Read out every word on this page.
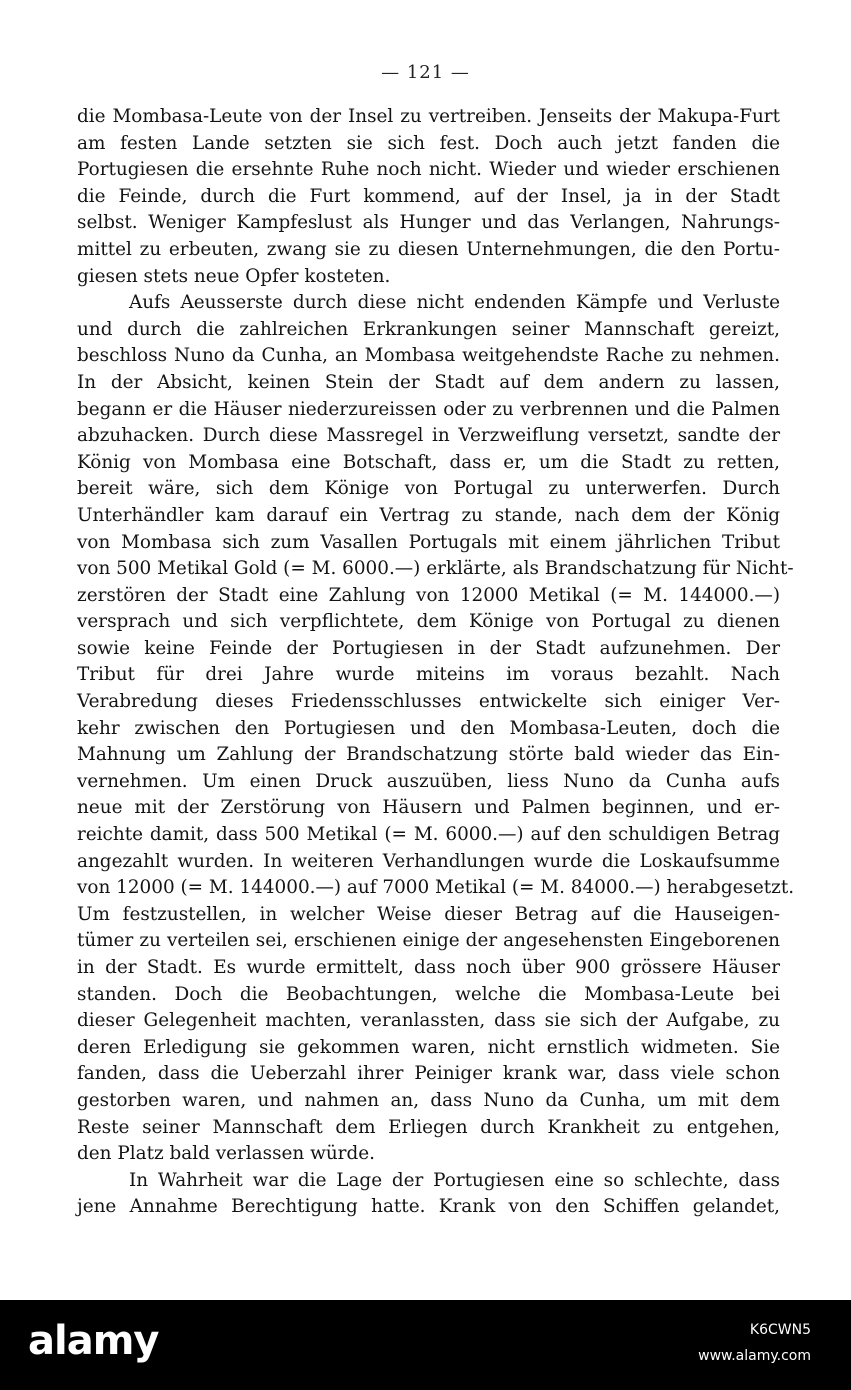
— 121 —
die Mombasa-Leute von der Insel zu vertreiben. Jenseits der Makupa-Furt
am festen Lande setzten sie sich fest. Doch auch jetzt fanden die
Portugiesen die ersehnte Ruhe noch nicht. Wieder und wieder erschienen
die Feinde, durch die Furt kommend, auf der Insel, ja in der Stadt
selbst. Weniger Kampfeslust als Hunger und das Verlangen, Nahrungs-
mittel zu erbeuten, zwang sie zu diesen Unternehmungen, die den Portu-
giesen stets neue Opfer kosteten.
Aufs Aeusserste durch diese nicht endenden Kämpfe und Verluste
und durch die zahlreichen Erkrankungen seiner Mannschaft gereizt,
beschloss Nuno da Cunha, an Mombasa weitgehendste Rache zu nehmen.
In der Absicht, keinen Stein der Stadt auf dem andern zu lassen,
begann er die Häuser niederzureissen oder zu verbrennen und die Palmen
abzuhacken. Durch diese Massregel in Verzweiflung versetzt, sandte der
König von Mombasa eine Botschaft, dass er, um die Stadt zu retten,
bereit wäre, sich dem Könige von Portugal zu unterwerfen. Durch
Unterhändler kam darauf ein Vertrag zu stande, nach dem der König
von Mombasa sich zum Vasallen Portugals mit einem jährlichen Tribut
von 500 Metikal Gold (= M. 6000.—) erklärte, als Brandschatzung für Nicht-
zerstören der Stadt eine Zahlung von 12000 Metikal (= M. 144000.—)
versprach und sich verpflichtete, dem Könige von Portugal zu dienen
sowie keine Feinde der Portugiesen in der Stadt aufzunehmen. Der
Tribut für drei Jahre wurde miteins im voraus bezahlt. Nach
Verabredung dieses Friedensschlusses entwickelte sich einiger Ver-
kehr zwischen den Portugiesen und den Mombasa-Leuten, doch die
Mahnung um Zahlung der Brandschatzung störte bald wieder das Ein-
vernehmen. Um einen Druck auszuüben, liess Nuno da Cunha aufs
neue mit der Zerstörung von Häusern und Palmen beginnen, und er-
reichte damit, dass 500 Metikal (= M. 6000.—) auf den schuldigen Betrag
angezahlt wurden. In weiteren Verhandlungen wurde die Loskaufsumme
von 12000 (= M. 144000.—) auf 7000 Metikal (= M. 84000.—) herabgesetzt.
Um festzustellen, in welcher Weise dieser Betrag auf die Hauseigen-
tümer zu verteilen sei, erschienen einige der angesehensten Eingeborenen
in der Stadt. Es wurde ermittelt, dass noch über 900 grössere Häuser
standen. Doch die Beobachtungen, welche die Mombasa-Leute bei
dieser Gelegenheit machten, veranlassten, dass sie sich der Aufgabe, zu
deren Erledigung sie gekommen waren, nicht ernstlich widmeten. Sie
fanden, dass die Ueberzahl ihrer Peiniger krank war, dass viele schon
gestorben waren, und nahmen an, dass Nuno da Cunha, um mit dem
Reste seiner Mannschaft dem Erliegen durch Krankheit zu entgehen,
den Platz bald verlassen würde.
In Wahrheit war die Lage der Portugiesen eine so schlechte, dass
jene Annahme Berechtigung hatte. Krank von den Schiffen gelandet,
alamy	K6CWN5
www.alamy.com
